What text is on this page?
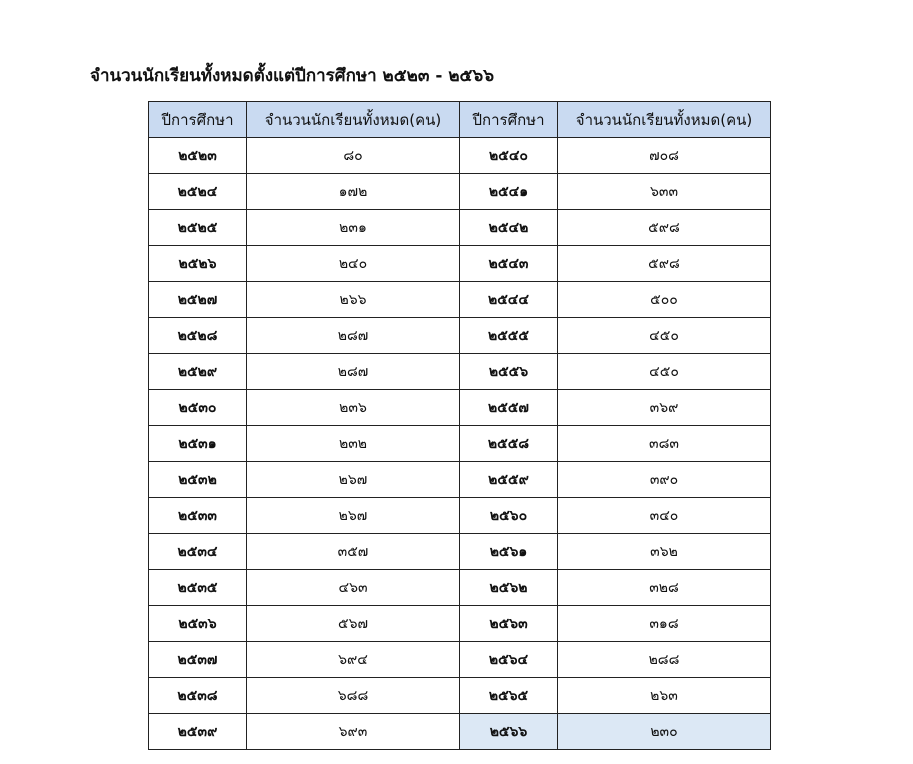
จำนวนนักเรียนทั้งหมดตั้งแต่ปีการศึกษา ๒๕๒๓ - ๒๕๖๖
ปีการศึกษา	จำนวนนักเรียนทั้งหมด(คน)	ปีการศึกษา	จำนวนนักเรียนทั้งหมด(คน)
๒๕๒๓	๘๐	๒๕๔๐	๗๐๘
๒๕๒๔	๑๗๒	๒๕๔๑	๖๓๓
๒๕๒๕	๒๓๑	๒๕๔๒	๕๙๘
๒๕๒๖	๒๔๐	๒๕๔๓	๕๙๘
๒๕๒๗	๒๖๖	๒๕๔๔	๕๐๐
๒๕๒๘	๒๘๗	๒๕๕๕	๔๕๐
๒๕๒๙	๒๘๗	๒๕๕๖	๔๕๐
๒๕๓๐	๒๓๖	๒๕๕๗	๓๖๙
๒๕๓๑	๒๓๒	๒๕๕๘	๓๘๓
๒๕๓๒	๒๖๗	๒๕๕๙	๓๙๐
๒๕๓๓	๒๖๗	๒๕๖๐	๓๔๐
๒๕๓๔	๓๕๗	๒๕๖๑	๓๖๒
๒๕๓๕	๔๖๓	๒๕๖๒	๓๒๘
๒๕๓๖	๕๖๗	๒๕๖๓	๓๑๘
๒๕๓๗	๖๙๔	๒๕๖๔	๒๘๘
๒๕๓๘	๖๘๘	๒๕๖๕	๒๖๓
๒๕๓๙	๖๙๓	๒๕๖๖	๒๓๐
